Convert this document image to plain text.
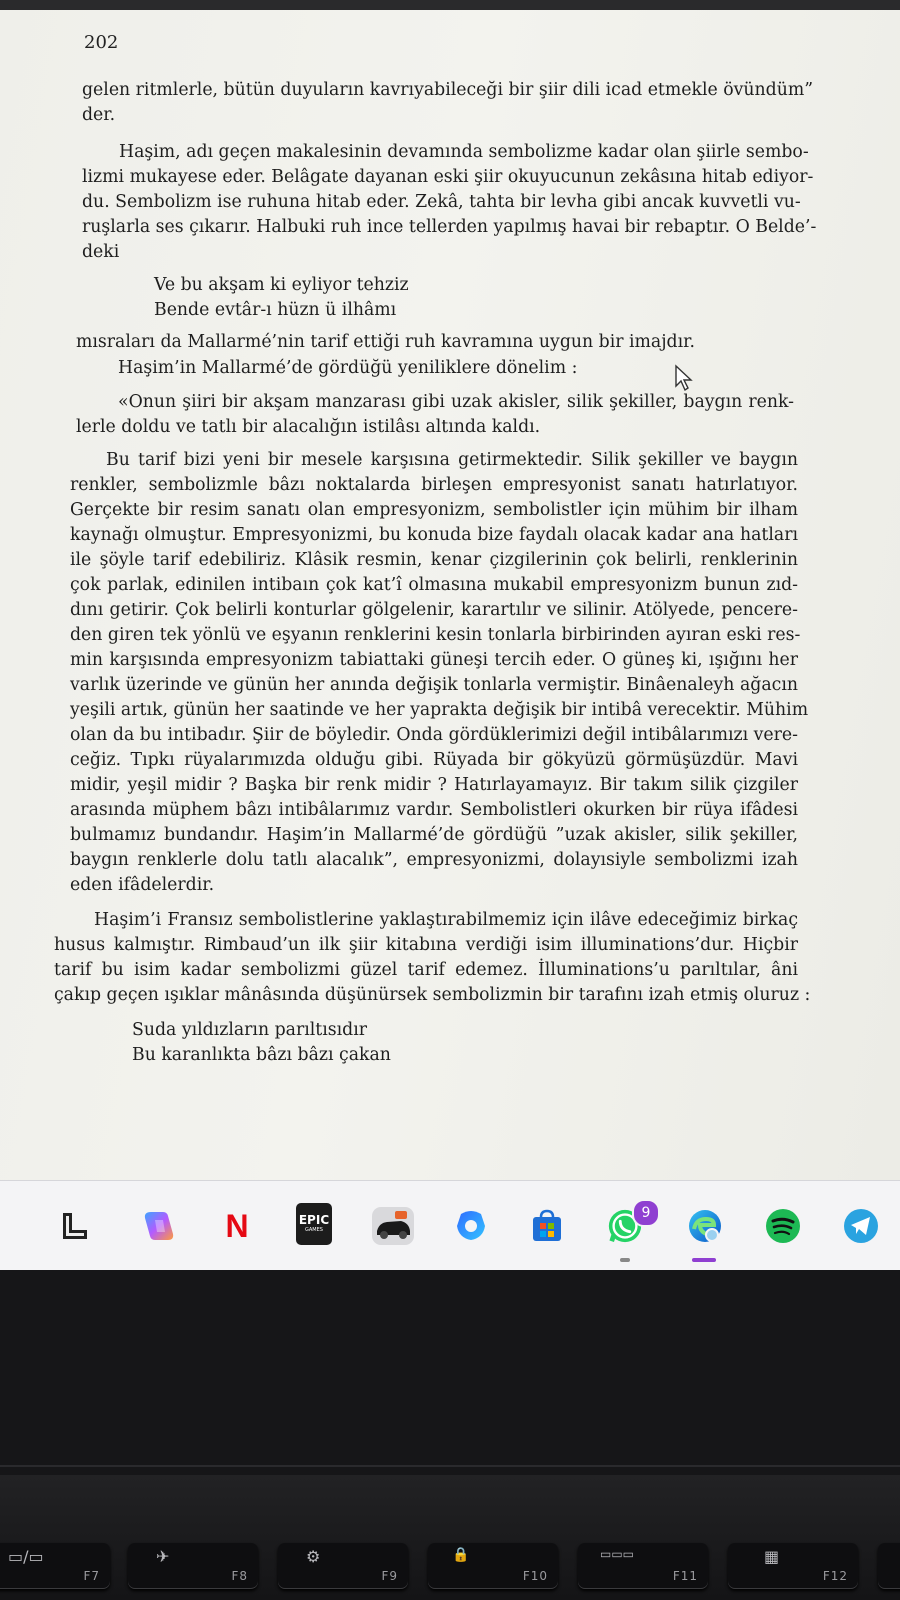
202
gelen ritmlerle, bütün duyuların kavrıyabileceği bir şiir dili icad etmekle övündüm”
der.
Haşim, adı geçen makalesinin devamında sembolizme kadar olan şiirle sembo-
lizmi mukayese eder. Belâgate dayanan eski şiir okuyucunun zekâsına hitab ediyor-
du. Sembolizm ise ruhuna hitab eder. Zekâ, tahta bir levha gibi ancak kuvvetli vu-
ruşlarla ses çıkarır. Halbuki ruh ince tellerden yapılmış havai bir rebaptır. O Belde’-
deki
Ve bu akşam ki eyliyor tehziz
Bende evtâr-ı hüzn ü ilhâmı
mısraları da Mallarmé’nin tarif ettiği ruh kavramına uygun bir imajdır.
Haşim’in Mallarmé’de gördüğü yeniliklere dönelim :
«Onun şiiri bir akşam manzarası gibi uzak akisler, silik şekiller, baygın renk-
lerle doldu ve tatlı bir alacalığın istilâsı altında kaldı.
Bu tarif bizi yeni bir mesele karşısına getirmektedir. Silik şekiller ve baygın
renkler, sembolizmle bâzı noktalarda birleşen empresyonist sanatı hatırlatıyor.
Gerçekte bir resim sanatı olan empresyonizm, sembolistler için mühim bir ilham
kaynağı olmuştur. Empresyonizmi, bu konuda bize faydalı olacak kadar ana hatları
ile şöyle tarif edebiliriz. Klâsik resmin, kenar çizgilerinin çok belirli, renklerinin
çok parlak, edinilen intibaın çok kat’î olmasına mukabil empresyonizm bunun zıd-
dını getirir. Çok belirli konturlar gölgelenir, karartılır ve silinir. Atölyede, pencere-
den giren tek yönlü ve eşyanın renklerini kesin tonlarla birbirinden ayıran eski res-
min karşısında empresyonizm tabiattaki güneşi tercih eder. O güneş ki, ışığını her
varlık üzerinde ve günün her anında değişik tonlarla vermiştir. Binâenaleyh ağacın
yeşili artık, günün her saatinde ve her yaprakta değişik bir intibâ verecektir. Mühim
olan da bu intibadır. Şiir de böyledir. Onda gördüklerimizi değil intibâlarımızı vere-
ceğiz. Tıpkı rüyalarımızda olduğu gibi. Rüyada bir gökyüzü görmüşüzdür. Mavi
midir, yeşil midir ? Başka bir renk midir ? Hatırlayamayız. Bir takım silik çizgiler
arasında müphem bâzı intibâlarımız vardır. Sembolistleri okurken bir rüya ifâdesi
bulmamız bundandır. Haşim’in Mallarmé’de gördüğü ”uzak akisler, silik şekiller,
baygın renklerle dolu tatlı alacalık”, empresyonizmi, dolayısiyle sembolizmi izah
eden ifâdelerdir.
Haşim’i Fransız sembolistlerine yaklaştırabilmemiz için ilâve edeceğimiz birkaç
husus kalmıştır. Rimbaud’un ilk şiir kitabına verdiği isim illuminations’dur. Hiçbir
tarif bu isim kadar sembolizmi güzel tarif edemez. İlluminations’u parıltılar, âni
çakıp geçen ışıklar mânâsında düşünürsek sembolizmin bir tarafını izah etmiş oluruz :
Suda yıldızların parıltısıdır
Bu karanlıkta bâzı bâzı çakan
N	EPIC
GAMES
9
▭/▭
F7
✈
F8
⚙
F9
🔒
F10
▭▭▭
F11
▦
F12
